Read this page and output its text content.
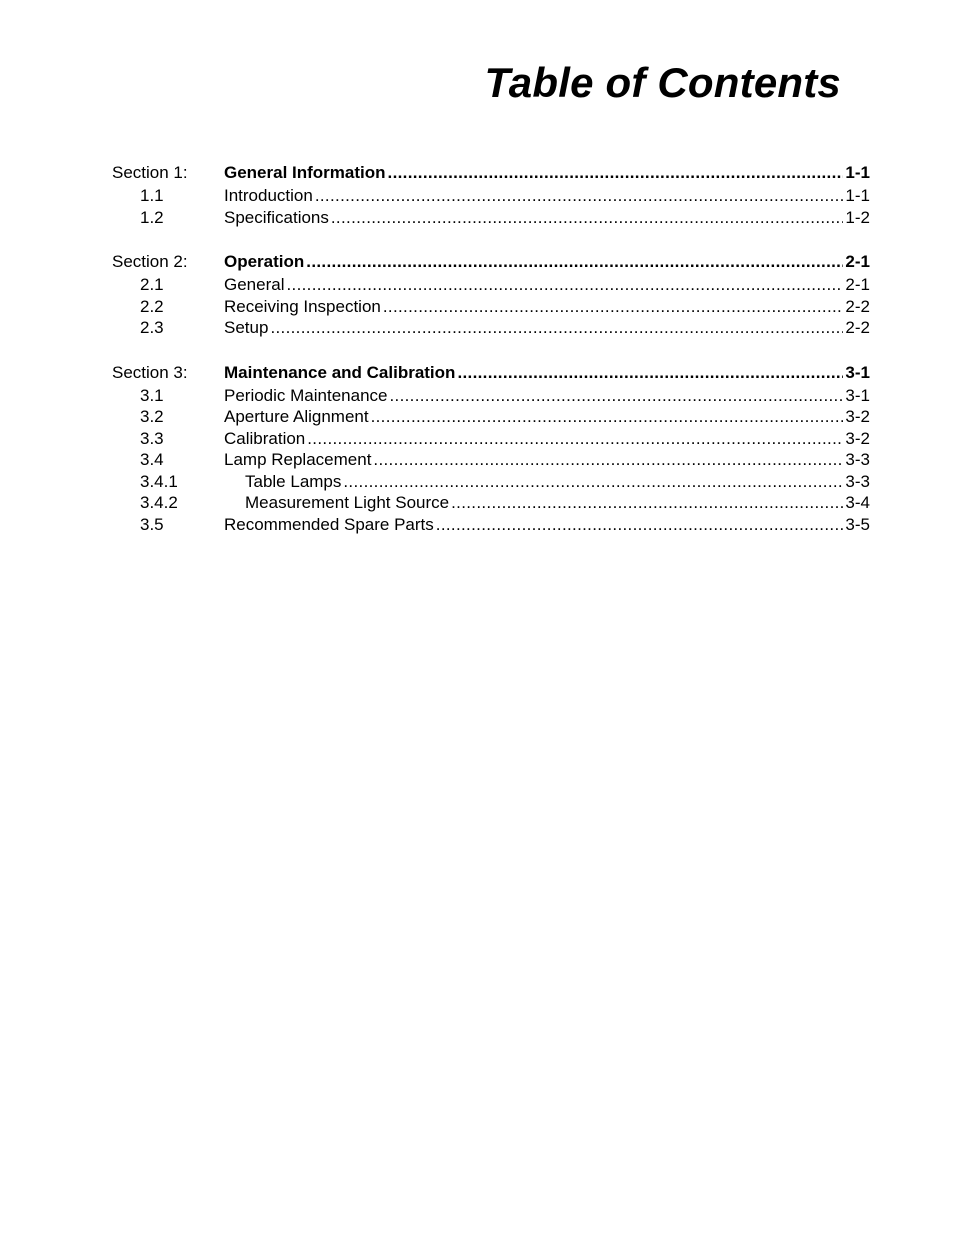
Table of Contents
Section 1:	General Information . . .	1-1
1.1	Introduction . . .	1-1
1.2	Specifications . . .	1-2
Section 2:	Operation . . .	2-1
2.1	General . . .	2-1
2.2	Receiving Inspection . . .	2-2
2.3	Setup . . .	2-2
Section 3:	Maintenance and Calibration . . .	3-1
3.1	Periodic Maintenance . . .	3-1
3.2	Aperture Alignment . . .	3-2
3.3	Calibration . . .	3-2
3.4	Lamp Replacement . . .	3-3
3.4.1	Table Lamps . . .	3-3
3.4.2	Measurement Light Source . . .	3-4
3.5	Recommended Spare Parts . . .	3-5
